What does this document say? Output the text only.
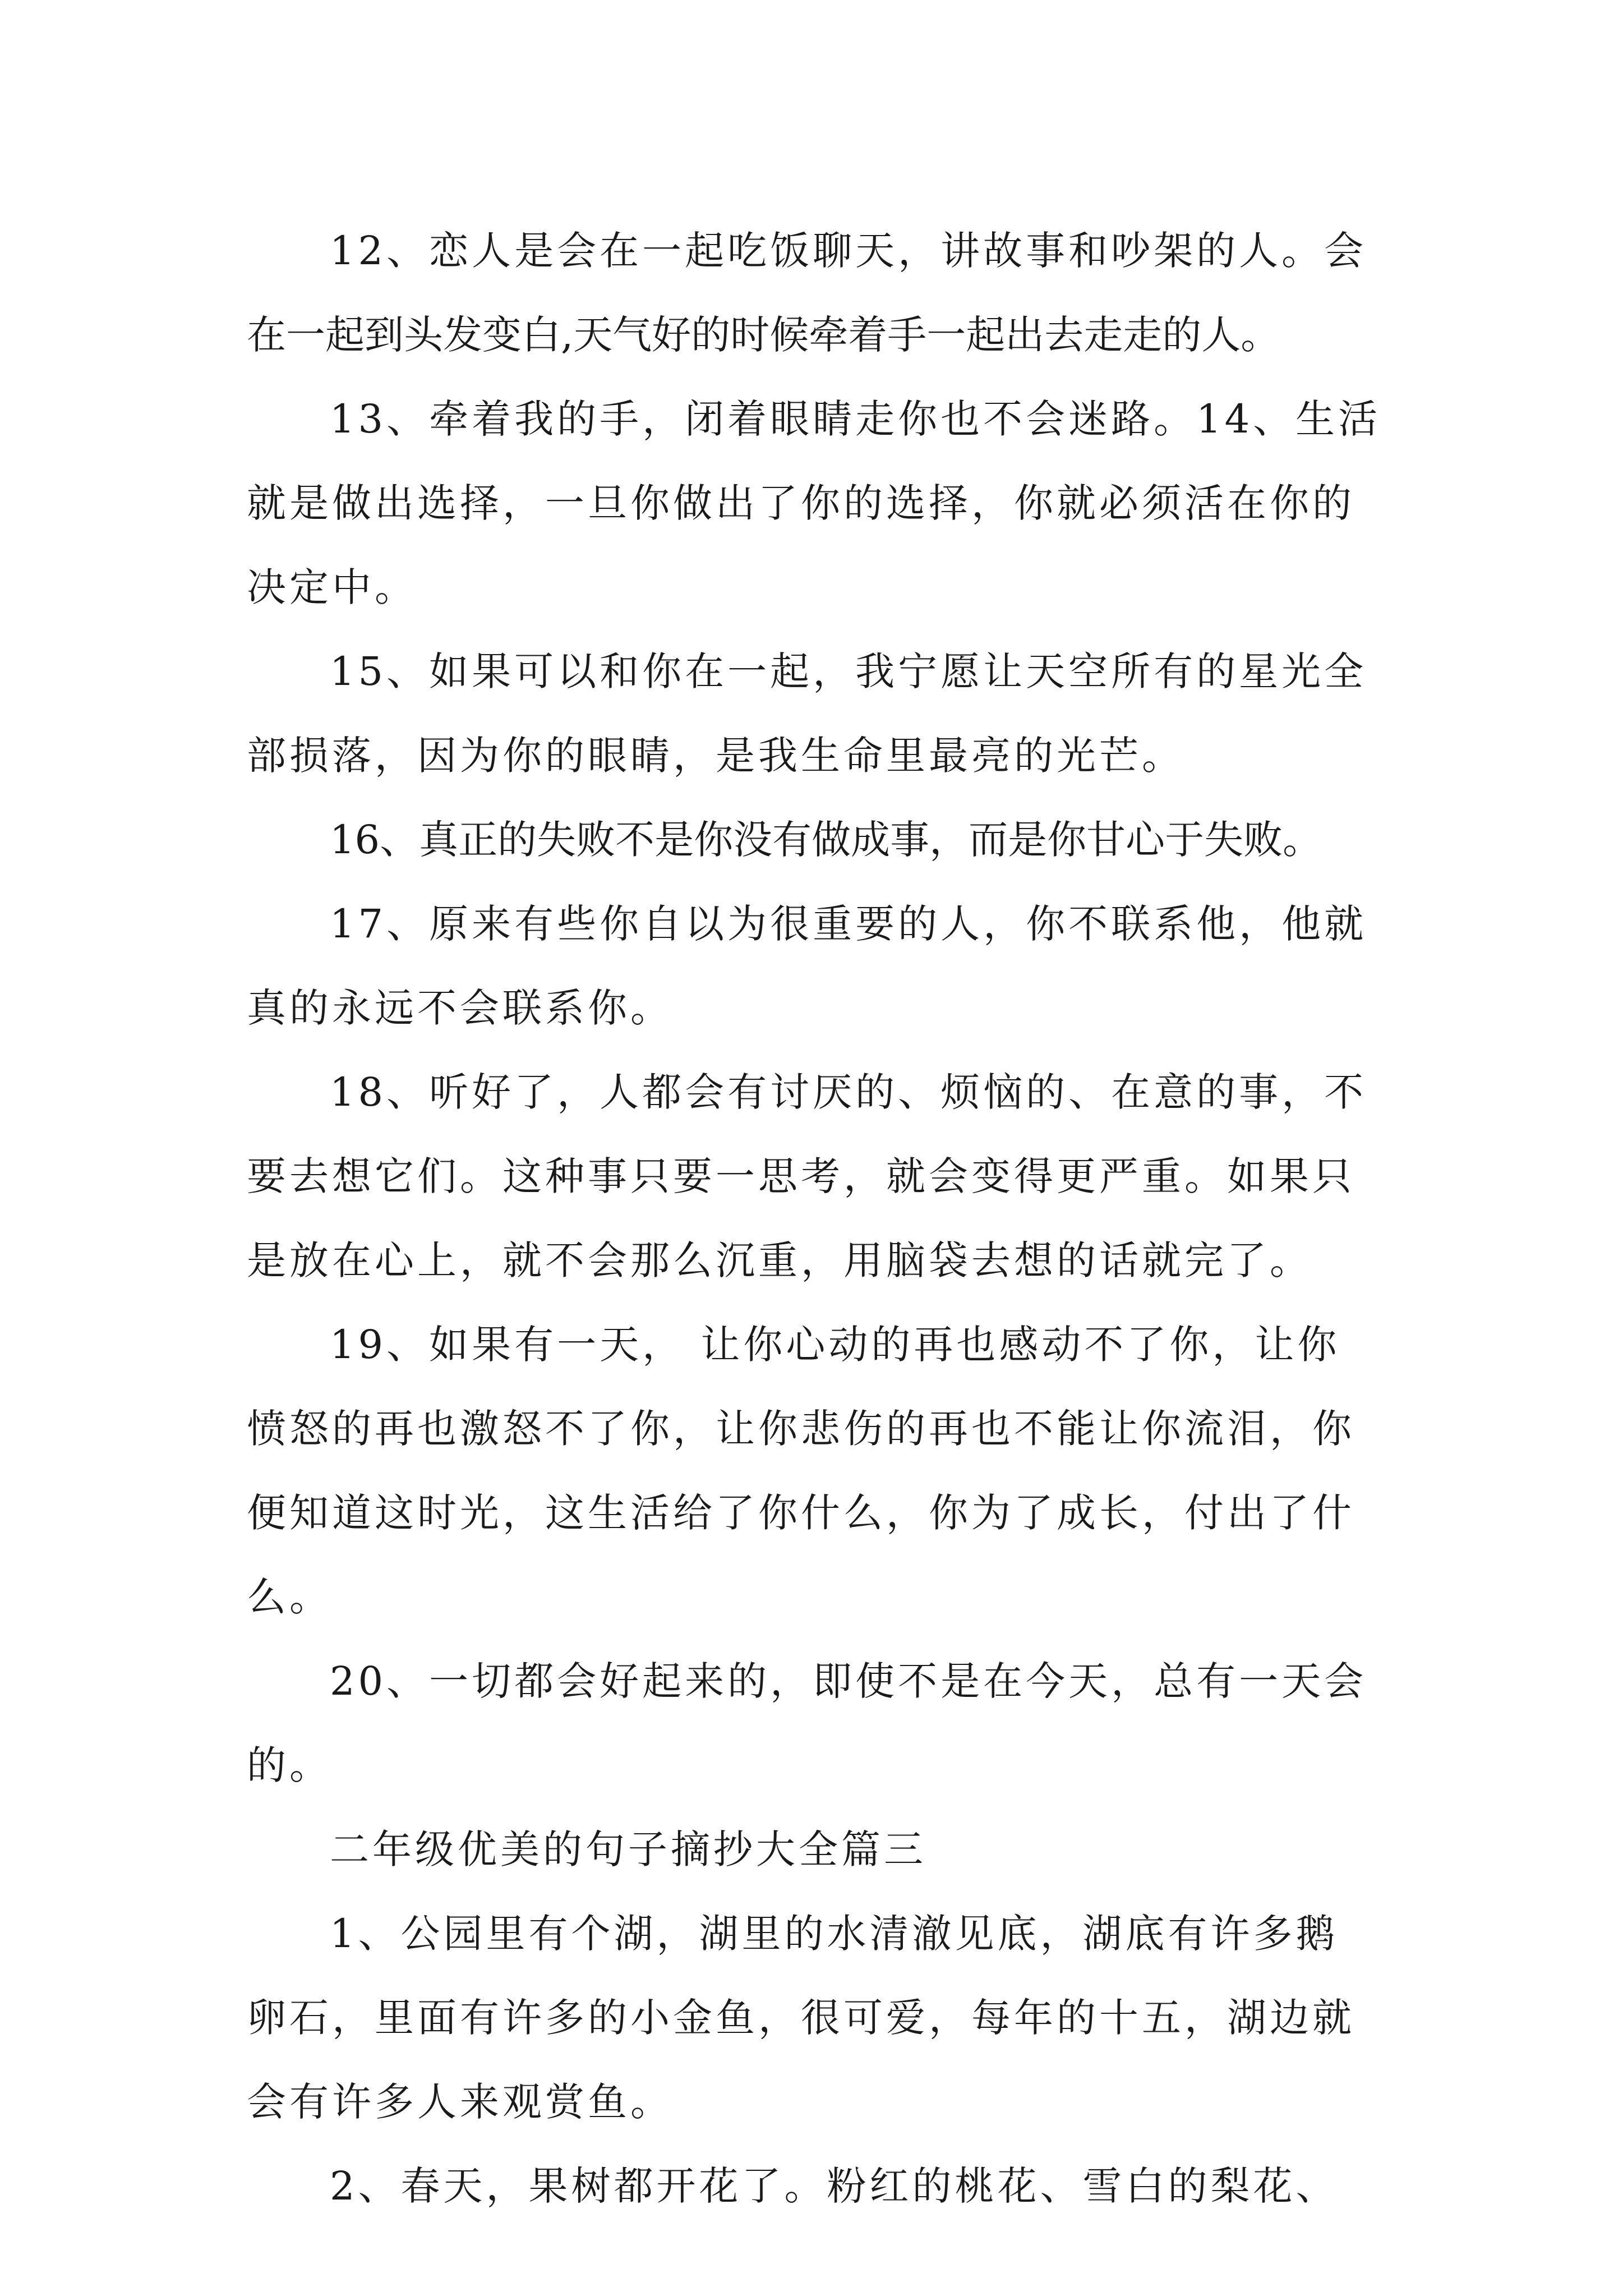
12、恋人是会在一起吃饭聊天，讲故事和吵架的人。会
在一起到头发变白,天气好的时候牵着手一起出去走走的人。
13、牵着我的手，闭着眼睛走你也不会迷路。14、生活
就是做出选择，一旦你做出了你的选择，你就必须活在你的
决定中。
15、如果可以和你在一起，我宁愿让天空所有的星光全
部损落，因为你的眼睛，是我生命里最亮的光芒。
16、真正的失败不是你没有做成事，而是你甘心于失败。
17、原来有些你自以为很重要的人，你不联系他，他就
真的永远不会联系你。
18、听好了，人都会有讨厌的、烦恼的、在意的事，不
要去想它们。这种事只要一思考，就会变得更严重。如果只
是放在心上，就不会那么沉重，用脑袋去想的话就完了。
19、如果有一天， 让你心动的再也感动不了你，让你
愤怒的再也激怒不了你，让你悲伤的再也不能让你流泪，你
便知道这时光，这生活给了你什么，你为了成长，付出了什
么。
20、一切都会好起来的，即使不是在今天，总有一天会
的。
二年级优美的句子摘抄大全篇三
1、公园里有个湖，湖里的水清澈见底，湖底有许多鹅
卵石，里面有许多的小金鱼，很可爱，每年的十五，湖边就
会有许多人来观赏鱼。
2、春天，果树都开花了。粉红的桃花、雪白的梨花、
